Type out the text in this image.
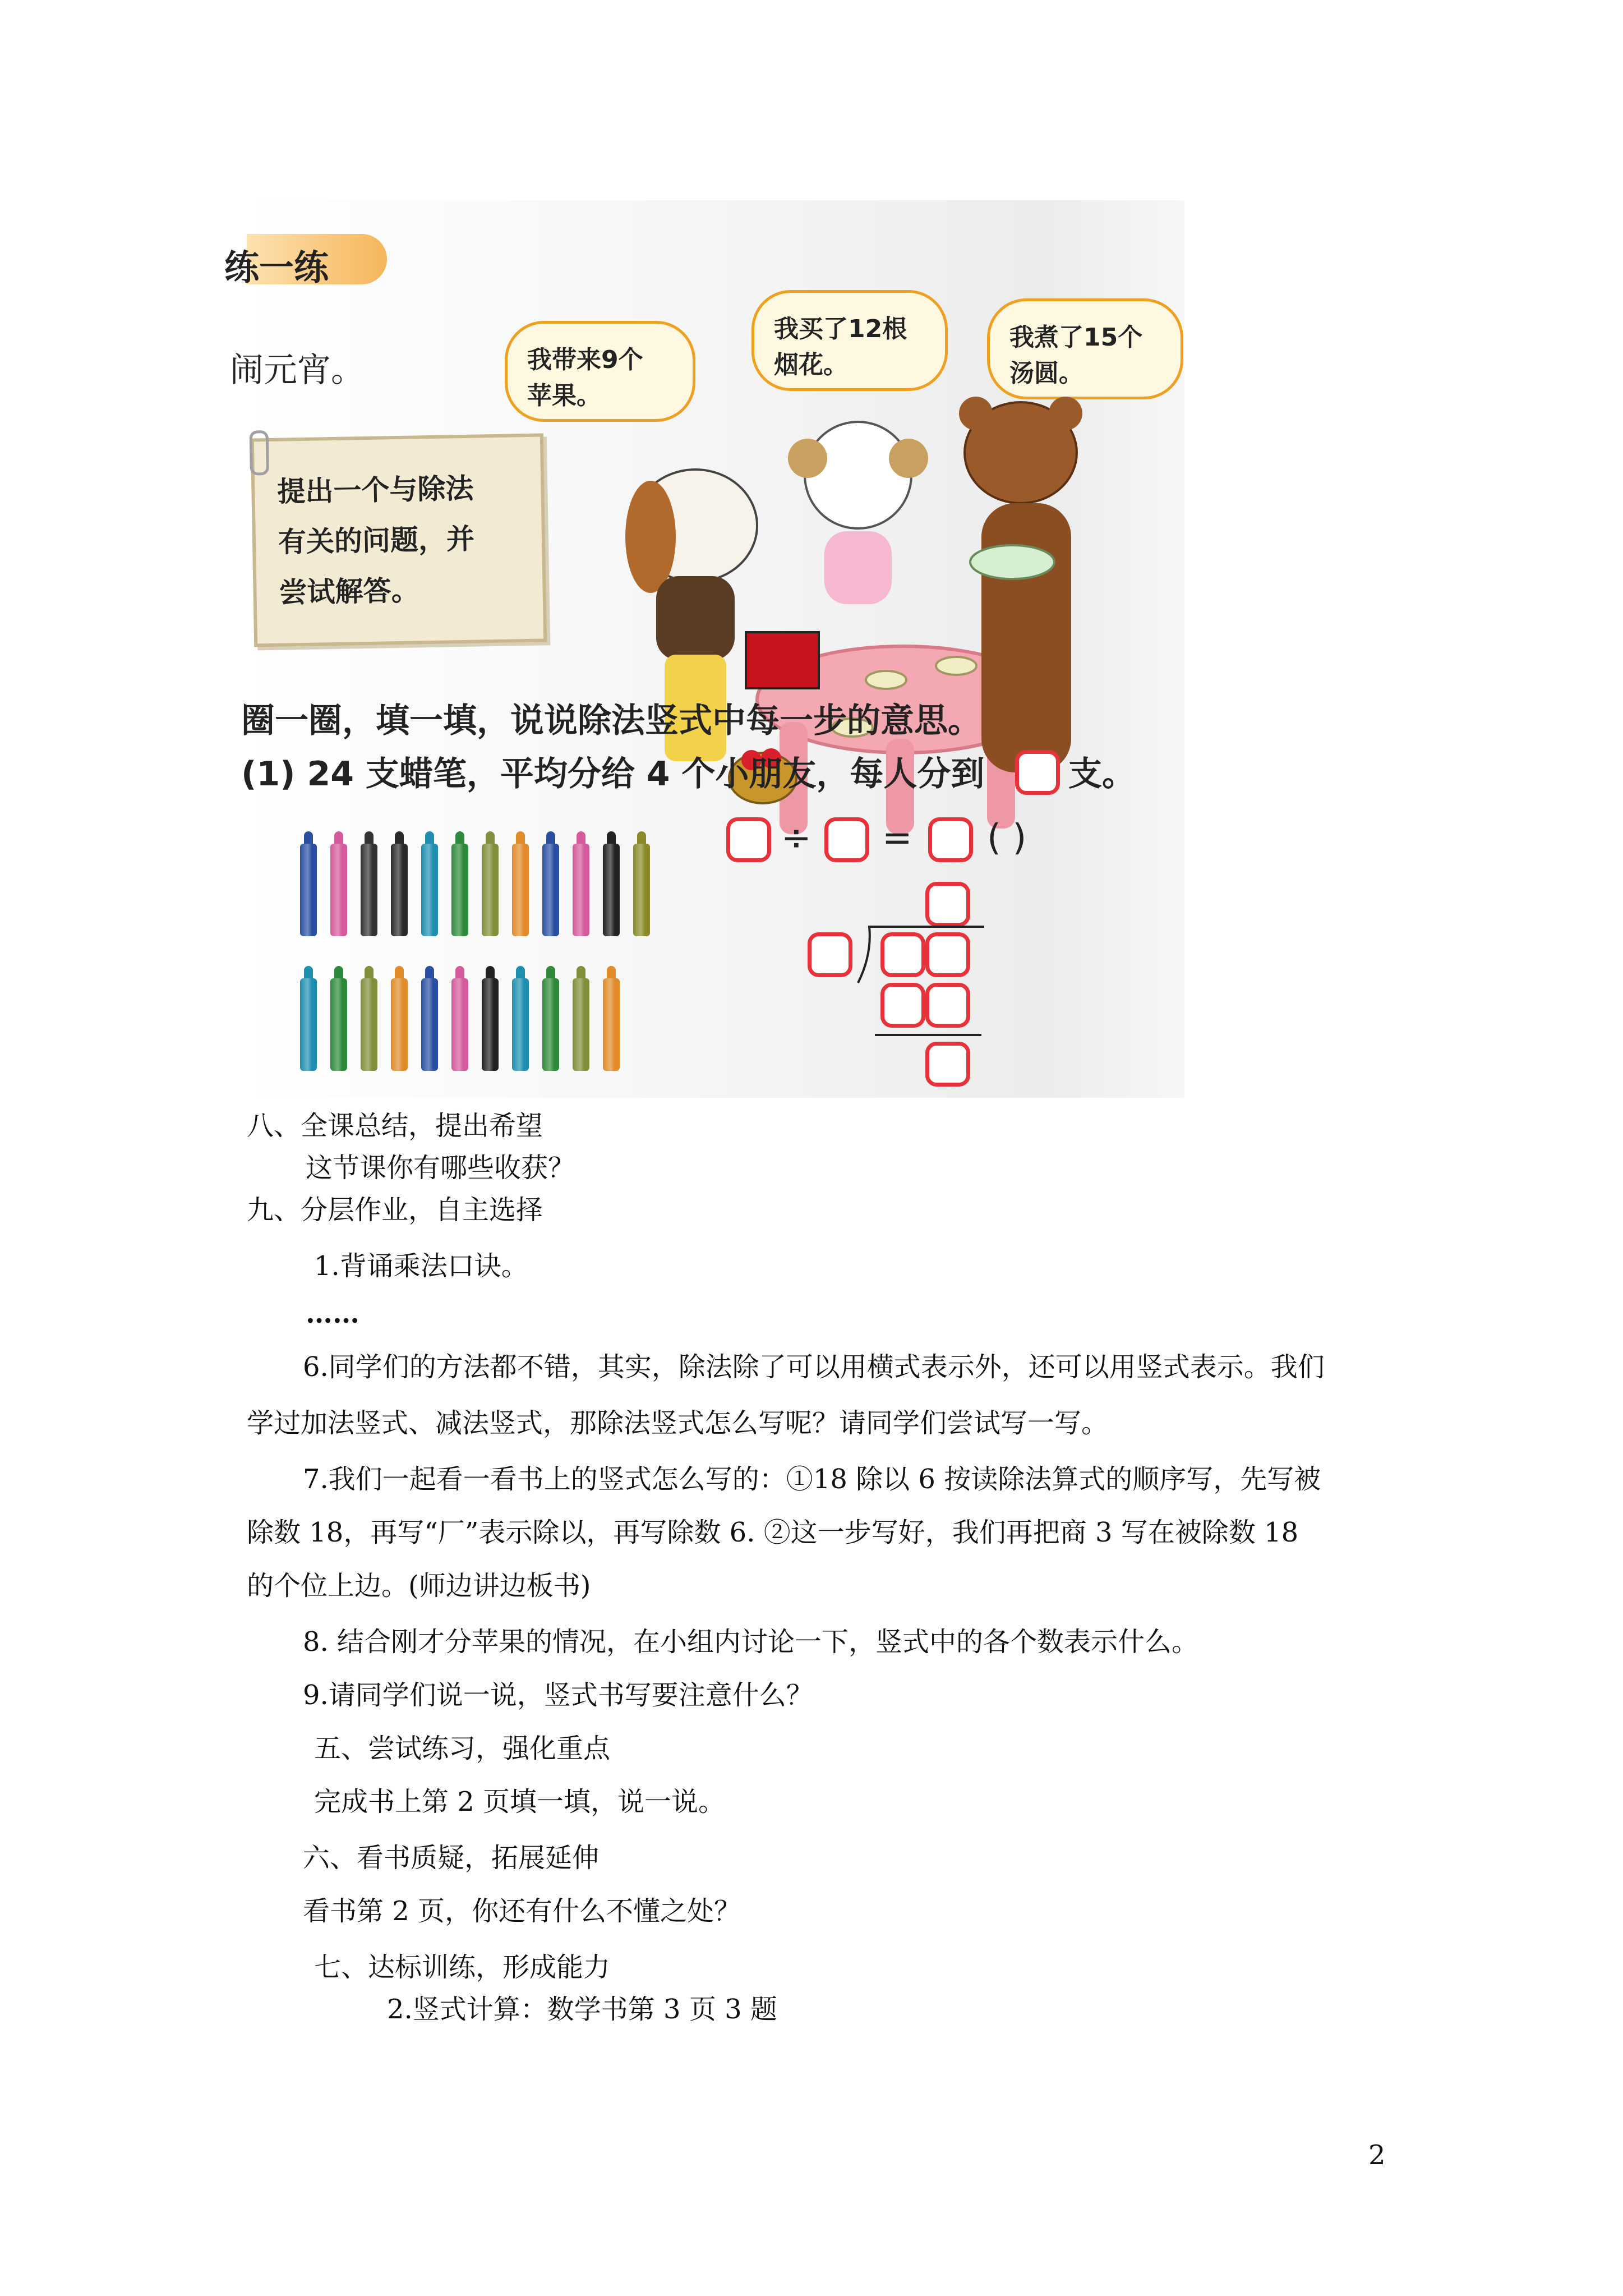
练一练
闹元宵。
提出一个与除法
有关的问题，并
尝试解答。
我带来9个
苹果。
我买了12根
烟花。
我煮了15个
汤圆。
圈一圈，填一填，说说除法竖式中每一步的意思。
(1) 24 支蜡笔，平均分给 4 个小朋友，每人分到 支。
÷ = ( )
八、全课总结，提出希望
这节课你有哪些收获？
九、分层作业，自主选择
1.背诵乘法口诀。
……
6.同学们的方法都不错，其实，除法除了可以用横式表示外，还可以用竖式表示。我们
学过加法竖式、减法竖式，那除法竖式怎么写呢？请同学们尝试写一写。
7.我们一起看一看书上的竖式怎么写的：①18 除以 6 按读除法算式的顺序写，先写被
除数 18，再写“厂”表示除以，再写除数 6. ②这一步写好，我们再把商 3 写在被除数 18
的个位上边。(师边讲边板书)
8. 结合刚才分苹果的情况，在小组内讨论一下，竖式中的各个数表示什么。
9.请同学们说一说，竖式书写要注意什么？
五、尝试练习，强化重点
完成书上第 2 页填一填，说一说。
六、看书质疑，拓展延伸
看书第 2 页，你还有什么不懂之处？
七、达标训练，形成能力
2.竖式计算：数学书第 3 页 3 题
2
